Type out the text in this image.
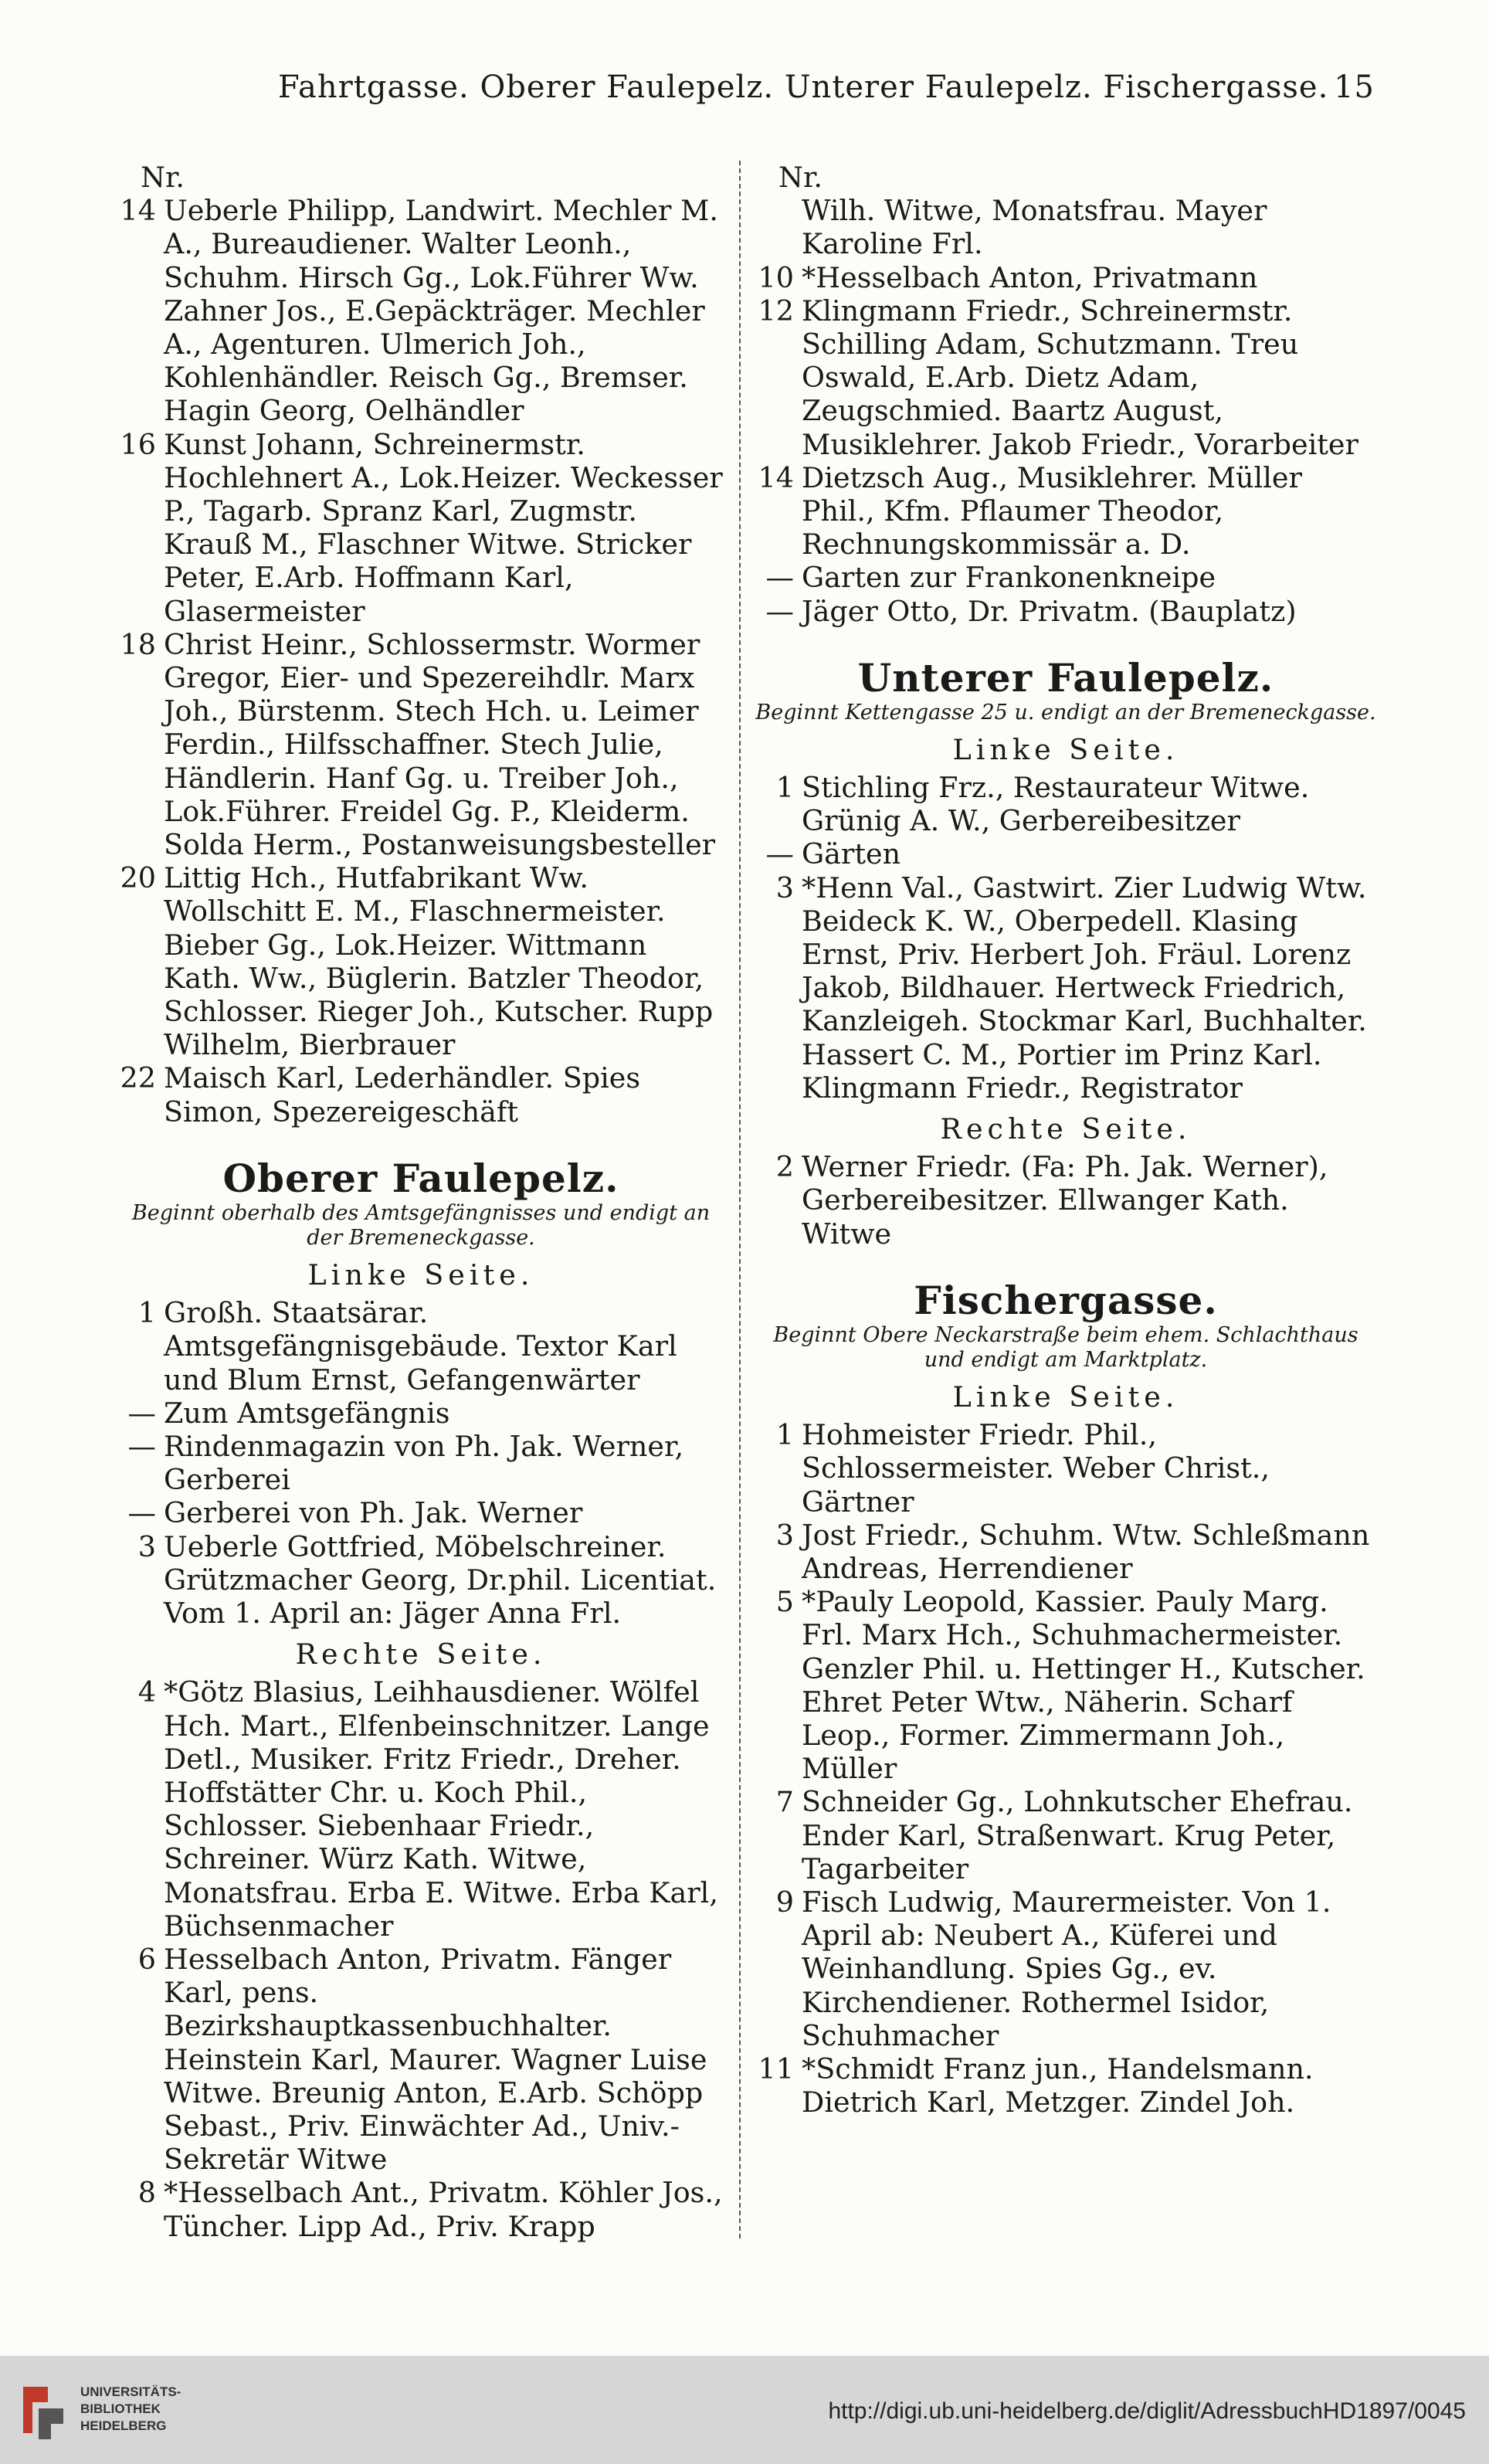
Fahrtgasse. Oberer Faulepelz. Unterer Faulepelz. Fischergasse. 15
Nr.
14 Ueberle Philipp, Landwirt. Mechler M. A., Bureaudiener. Walter Leonh., Schuhm. Hirsch Gg., Lok.Führer Ww. Zahner Jos., E.Gepäckträger. Mechler A., Agenturen. Ulmerich Joh., Kohlenhändler. Reisch Gg., Bremser. Hagin Georg, Oelhändler
16 Kunst Johann, Schreinermstr. Hochlehnert A., Lok.Heizer. Weckesser P., Tagarb. Spranz Karl, Zugmstr. Krauß M., Flaschner Witwe. Stricker Peter, E.Arb. Hoffmann Karl, Glasermeister
18 Christ Heinr., Schlossermstr. Wormer Gregor, Eier- und Spezereihdlr. Marx Joh., Bürstenm. Stech Hch. u. Leimer Ferdin., Hilfsschaffner. Stech Julie, Händlerin. Hanf Gg. u. Treiber Joh., Lok.Führer. Freidel Gg. P., Kleiderm. Solda Herm., Postanweisungsbesteller
20 Littig Hch., Hutfabrikant Ww. Wollschitt E. M., Flaschnermeister. Bieber Gg., Lok.Heizer. Wittmann Kath. Ww., Büglerin. Batzler Theodor, Schlosser. Rieger Joh., Kutscher. Rupp Wilhelm, Bierbrauer
22 Maisch Karl, Lederhändler. Spies Simon, Spezereigeschäft
Oberer Faulepelz.
Beginnt oberhalb des Amtsgefängnisses und endigt an der Bremeneckgasse.
Linke Seite.
1 Großh. Staatsärar. Amtsgefängnisgebäude. Textor Karl und Blum Ernst, Gefangenwärter
— Zum Amtsgefängnis
— Rindenmagazin von Ph. Jak. Werner, Gerberei
— Gerberei von Ph. Jak. Werner
3 Ueberle Gottfried, Möbelschreiner. Grützmacher Georg, Dr.phil. Licentiat. Vom 1. April an: Jäger Anna Frl.
Rechte Seite.
4 *Götz Blasius, Leihhausdiener. Wölfel Hch. Mart., Elfenbeinschnitzer. Lange Detl., Musiker. Fritz Friedr., Dreher. Hoffstätter Chr. u. Koch Phil., Schlosser. Siebenhaar Friedr., Schreiner. Würz Kath. Witwe, Monatsfrau. Erba E. Witwe. Erba Karl, Büchsenmacher
6 Hesselbach Anton, Privatm. Fänger Karl, pens. Bezirkshauptkassenbuchhalter. Heinstein Karl, Maurer. Wagner Luise Witwe. Breunig Anton, E.Arb. Schöpp Sebast., Priv. Einwächter Ad., Univ.-Sekretär Witwe
8 *Hesselbach Ant., Privatm. Köhler Jos., Tüncher. Lipp Ad., Priv. Krapp
Nr.
Wilh. Witwe, Monatsfrau. Mayer Karoline Frl.
10 *Hesselbach Anton, Privatmann
12 Klingmann Friedr., Schreinermstr. Schilling Adam, Schutzmann. Treu Oswald, E.Arb. Dietz Adam, Zeugschmied. Baartz August, Musiklehrer. Jakob Friedr., Vorarbeiter
14 Dietzsch Aug., Musiklehrer. Müller Phil., Kfm. Pflaumer Theodor, Rechnungskommissär a. D.
— Garten zur Frankonenkneipe
— Jäger Otto, Dr. Privatm. (Bauplatz)
Unterer Faulepelz.
Beginnt Kettengasse 25 u. endigt an der Bremeneckgasse.
Linke Seite.
1 Stichling Frz., Restaurateur Witwe. Grünig A. W., Gerbereibesitzer
— Gärten
3 *Henn Val., Gastwirt. Zier Ludwig Wtw. Beideck K. W., Oberpedell. Klasing Ernst, Priv. Herbert Joh. Fräul. Lorenz Jakob, Bildhauer. Hertweck Friedrich, Kanzleigeh. Stockmar Karl, Buchhalter. Hassert C. M., Portier im Prinz Karl. Klingmann Friedr., Registrator
Rechte Seite.
2 Werner Friedr. (Fa: Ph. Jak. Werner), Gerbereibesitzer. Ellwanger Kath. Witwe
Fischergasse.
Beginnt Obere Neckarstraße beim ehem. Schlachthaus und endigt am Marktplatz.
Linke Seite.
1 Hohmeister Friedr. Phil., Schlossermeister. Weber Christ., Gärtner
3 Jost Friedr., Schuhm. Wtw. Schleßmann Andreas, Herrendiener
5 *Pauly Leopold, Kassier. Pauly Marg. Frl. Marx Hch., Schuhmachermeister. Genzler Phil. u. Hettinger H., Kutscher. Ehret Peter Wtw., Näherin. Scharf Leop., Former. Zimmermann Joh., Müller
7 Schneider Gg., Lohnkutscher Ehefrau. Ender Karl, Straßenwart. Krug Peter, Tagarbeiter
9 Fisch Ludwig, Maurermeister. Von 1. April ab: Neubert A., Küferei und Weinhandlung. Spies Gg., ev. Kirchendiener. Rothermel Isidor, Schuhmacher
11 *Schmidt Franz jun., Handelsmann. Dietrich Karl, Metzger. Zindel Joh.
UNIVERSITÄTS-
BIBLIOTHEK
HEIDELBERG
http://digi.ub.uni-heidelberg.de/diglit/AdressbuchHD1897/0045
